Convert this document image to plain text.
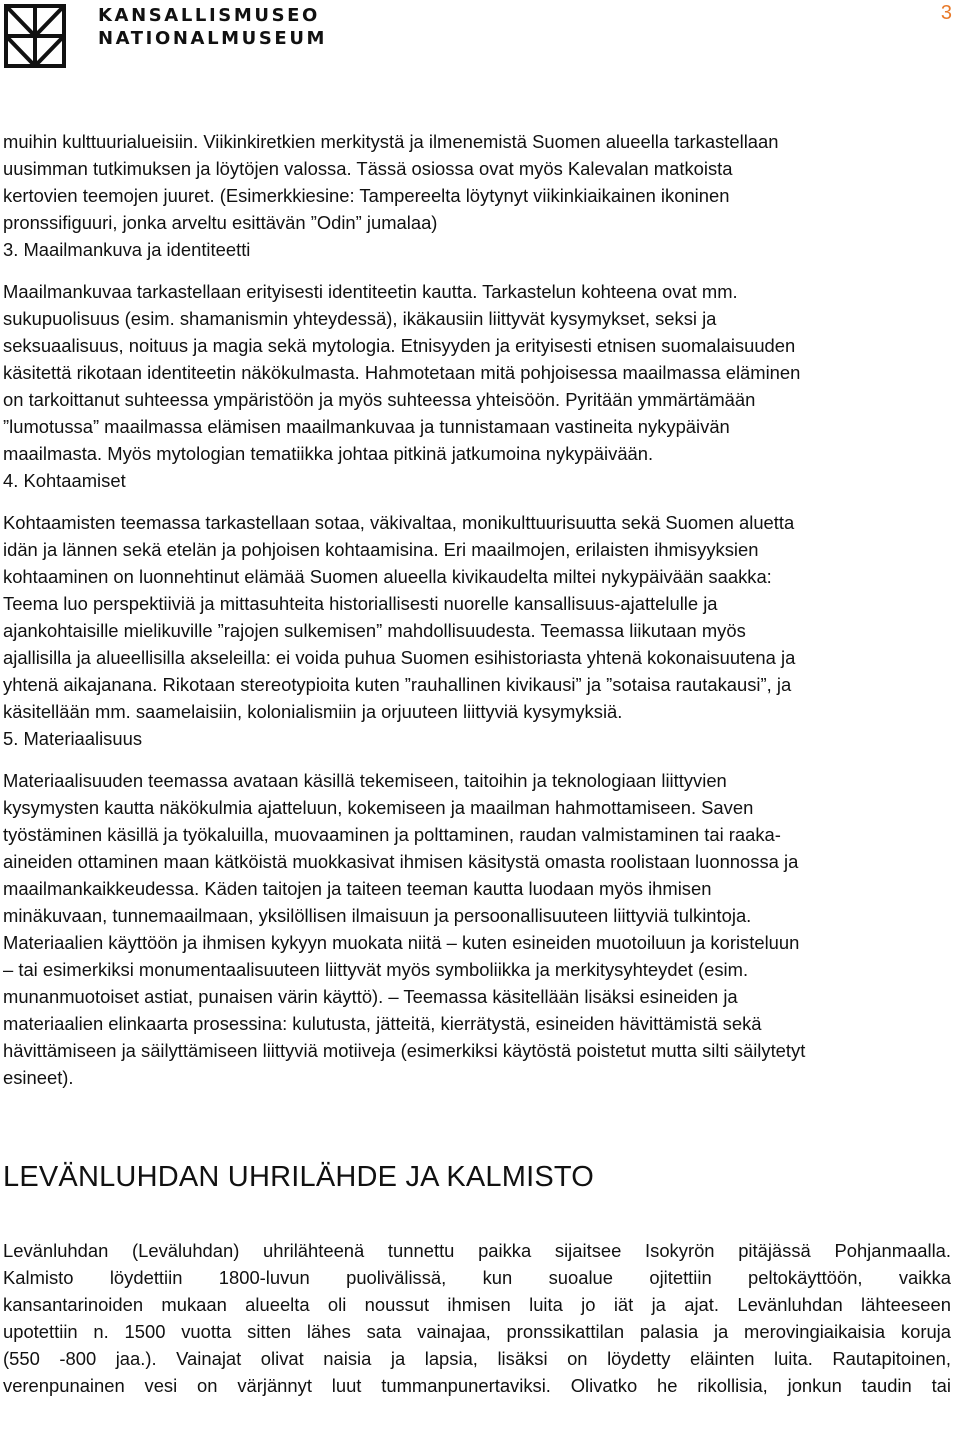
KANSALLISMUSEO
NATIONALMUSEUM
3

muihin kulttuurialueisiin. Viikinkiretkien merkitystä ja ilmenemistä Suomen alueella tarkastellaan

uusimman tutkimuksen ja löytöjen valossa. Tässä osiossa ovat myös Kalevalan matkoista

kertovien teemojen juuret. (Esimerkkiesine: Tampereelta löytynyt viikinkiaikainen ikoninen

pronssifiguuri, jonka arveltu esittävän ”Odin” jumalaa)

3. Maailmankuva ja identiteetti

Maailmankuvaa tarkastellaan erityisesti identiteetin kautta. Tarkastelun kohteena ovat mm.

sukupuolisuus (esim. shamanismin yhteydessä), ikäkausiin liittyvät kysymykset, seksi ja

seksuaalisuus, noituus ja magia sekä mytologia. Etnisyyden ja erityisesti etnisen suomalaisuuden

käsitettä rikotaan identiteetin näkökulmasta. Hahmotetaan mitä pohjoisessa maailmassa eläminen

on tarkoittanut suhteessa ympäristöön ja myös suhteessa yhteisöön. Pyritään ymmärtämään

”lumotussa” maailmassa elämisen maailmankuvaa ja tunnistamaan vastineita nykypäivän

maailmasta. Myös mytologian tematiikka johtaa pitkinä jatkumoina nykypäivään.

4. Kohtaamiset

Kohtaamisten teemassa tarkastellaan sotaa, väkivaltaa, monikulttuurisuutta sekä Suomen aluetta

idän ja lännen sekä etelän ja pohjoisen kohtaamisina. Eri maailmojen, erilaisten ihmisyyksien

kohtaaminen on luonnehtinut elämää Suomen alueella kivikaudelta miltei nykypäivään saakka:

Teema luo perspektiiviä ja mittasuhteita historiallisesti nuorelle kansallisuus-ajattelulle ja

ajankohtaisille mielikuville ”rajojen sulkemisen” mahdollisuudesta. Teemassa liikutaan myös

ajallisilla ja alueellisilla akseleilla: ei voida puhua Suomen esihistoriasta yhtenä kokonaisuutena ja

yhtenä aikajanana. Rikotaan stereotypioita kuten ”rauhallinen kivikausi” ja ”sotaisa rautakausi”, ja

käsitellään mm. saamelaisiin, kolonialismiin ja orjuuteen liittyviä kysymyksiä.

5. Materiaalisuus

Materiaalisuuden teemassa avataan käsillä tekemiseen, taitoihin ja teknologiaan liittyvien

kysymysten kautta näkökulmia ajatteluun, kokemiseen ja maailman hahmottamiseen. Saven

työstäminen käsillä ja työkaluilla, muovaaminen ja polttaminen, raudan valmistaminen tai raaka-

aineiden ottaminen maan kätköistä muokkasivat ihmisen käsitystä omasta roolistaan luonnossa ja

maailmankaikkeudessa. Käden taitojen ja taiteen teeman kautta luodaan myös ihmisen

minäkuvaan, tunnemaailmaan, yksilöllisen ilmaisuun ja persoonallisuuteen liittyviä tulkintoja.

Materiaalien käyttöön ja ihmisen kykyyn muokata niitä – kuten esineiden muotoiluun ja koristeluun

– tai esimerkiksi monumentaalisuuteen liittyvät myös symboliikka ja merkitysyhteydet (esim.

munanmuotoiset astiat, punaisen värin käyttö). – Teemassa käsitellään lisäksi esineiden ja

materiaalien elinkaarta prosessina: kulutusta, jätteitä, kierrätystä, esineiden hävittämistä sekä

hävittämiseen ja säilyttämiseen liittyviä motiiveja (esimerkiksi käytöstä poistetut mutta silti säilytetyt

esineet).

LEVÄNLUHDAN UHRILÄHDE JA KALMISTO

Levänluhdan (Leväluhdan) uhrilähteenä tunnettu paikka sijaitsee Isokyrön pitäjässä Pohjanmaalla.

Kalmisto löydettiin 1800-luvun puolivälissä, kun suoalue ojitettiin peltokäyttöön, vaikka

kansantarinoiden mukaan alueelta oli noussut ihmisen luita jo iät ja ajat. Levänluhdan lähteeseen

upotettiin n. 1500 vuotta sitten lähes sata vainajaa, pronssikattilan palasia ja merovingiaikaisia koruja

(550 -800 jaa.). Vainajat olivat naisia ja lapsia, lisäksi on löydetty eläinten luita. Rautapitoinen,

verenpunainen vesi on värjännyt luut tummanpunertaviksi. Olivatko he rikollisia, jonkun taudin tai
